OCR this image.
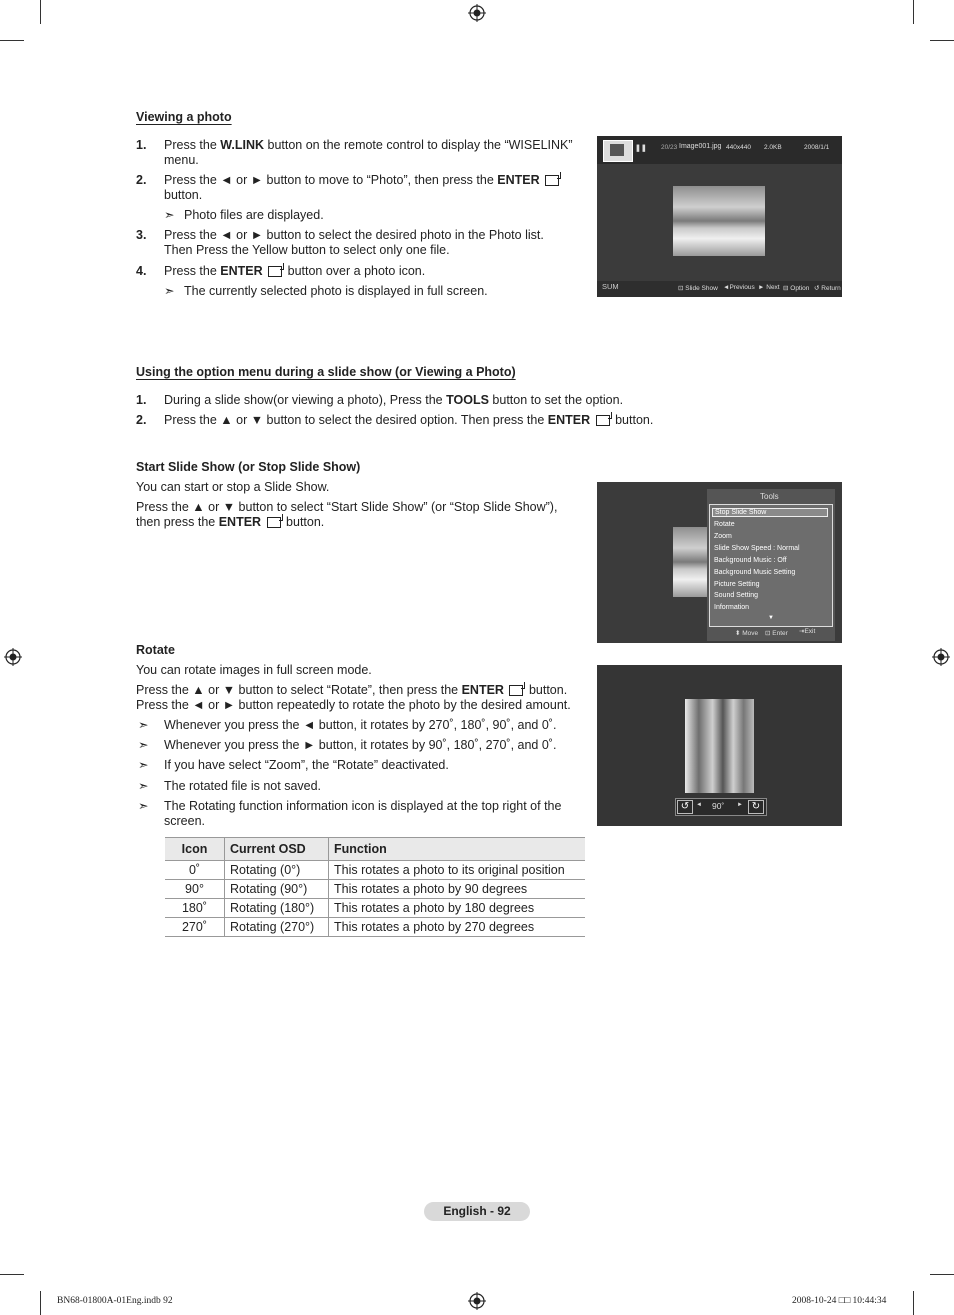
Viewing a photo
1. Press the W.LINK button on the remote control to display the “WISELINK” menu.
2. Press the ◄ or ► button to move to “Photo”, then press the ENTER
button.
➣ Photo files are displayed.
3. Press the ◄ or ► button to select the desired photo in the Photo list.
Then Press the Yellow button to select only one file.
4. Press the ENTER  button over a photo icon.
➣ The currently selected photo is displayed in full screen.
❚❚ 20/23 Image001.jpg 440x440 2.0KB	2008/1/1
SUM	⊡ Slide Show ◄Previous ► Next ⊟ Option ↺ Return
Using the option menu during a slide show (or Viewing a Photo)
1. During a slide show(or viewing a photo), Press the TOOLS button to set the option.
2. Press the ▲ or ▼ button to select the desired option. Then press the ENTER  button.
Start Slide Show (or Stop Slide Show)
You can start or stop a Slide Show.
Press the ▲ or ▼ button to select “Start Slide Show” (or “Stop Slide Show”),
then press the ENTER  button.
Tools
Stop Slide Show
Rotate
Zoom
Slide Show Speed : Normal
Background Music : Off
Background Music Setting
Picture Setting
Sound Setting
Information
▼
⬍ Move ⊡ Enter ⇥Exit
Rotate
You can rotate images in full screen mode.
Press the ▲ or ▼ button to select “Rotate”, then press the ENTER  button.
Press the ◄ or ► button repeatedly to rotate the photo by the desired amount.
➣ Whenever you press the ◄ button, it rotates by 270˚, 180˚, 90˚, and 0˚.
➣ Whenever you press the ► button, it rotates by 90˚, 180˚, 270˚, and 0˚.
➣ If you have select “Zoom”, the “Rotate” deactivated.
➣ The rotated file is not saved.
➣ The Rotating function information icon is displayed at the top right of the
screen.
↺	◄ 90˚ ► ↻
Icon	Current OSD	Function
0˚	Rotating (0°)	This rotates a photo to its original position
90°	Rotating (90°)	This rotates a photo by 90 degrees
180˚	Rotating (180°)	This rotates a photo by 180 degrees
270˚	Rotating (270°)	This rotates a photo by 270 degrees
English - 92
BN68-01800A-01Eng.indb 92	2008-10-24 □□ 10:44:34
